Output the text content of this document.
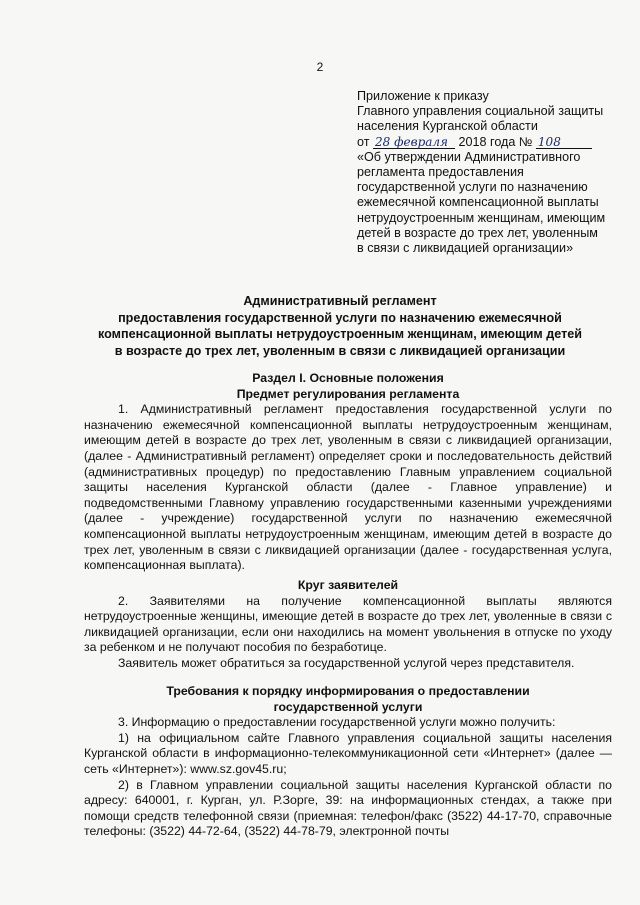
2
Приложение к приказу
Главного управления социальной защиты
населения Курганской области
от 28 февраля 2018 года № 108
«Об утверждении Административного
регламента предоставления
государственной услуги по назначению
ежемесячной компенсационной выплаты
нетрудоустроенным женщинам, имеющим
детей в возрасте до трех лет, уволенным
в связи с ликвидацией организации»
Административный регламент
предоставления государственной услуги по назначению ежемесячной
компенсационной выплаты нетрудоустроенным женщинам, имеющим детей
в возрасте до трех лет, уволенным в связи с ликвидацией организации
Раздел I. Основные положения
Предмет регулирования регламента
1. Административный регламент предоставления государственной услуги по назначению ежемесячной компенсационной выплаты нетрудоустроенным женщинам, имеющим детей в возрасте до трех лет, уволенным в связи с ликвидацией организации, (далее - Административный регламент) определяет сроки и последовательность действий (административных процедур) по предоставлению Главным управлением социальной защиты населения Курганской области (далее - Главное управление) и подведомственными Главному управлению государственными казенными учреждениями (далее - учреждение) государственной услуги по назначению ежемесячной компенсационной выплаты нетрудоустроенным женщинам, имеющим детей в возрасте до трех лет, уволенным в связи с ликвидацией организации (далее - государственная услуга, компенсационная выплата).
Круг заявителей
2. Заявителями на получение компенсационной выплаты являются нетрудоустроенные женщины, имеющие детей в возрасте до трех лет, уволенные в связи с ликвидацией организации, если они находились на момент увольнения в отпуске по уходу за ребенком и не получают пособия по безработице.
Заявитель может обратиться за государственной услугой через представителя.
Требования к порядку информирования о предоставлении
государственной услуги
3. Информацию о предоставлении государственной услуги можно получить:
1) на официальном сайте Главного управления социальной защиты населения Курганской области в информационно-телекоммуникационной сети «Интернет» (далее — сеть «Интернет»): www.sz.gov45.ru;
2) в Главном управлении социальной защиты населения Курганской области по адресу: 640001, г. Курган, ул. Р.Зорге, 39: на информационных стендах, а также при помощи средств телефонной связи (приемная: телефон/факс (3522) 44-17-70, справочные телефоны: (3522) 44-72-64, (3522) 44-78-79, электронной почты
